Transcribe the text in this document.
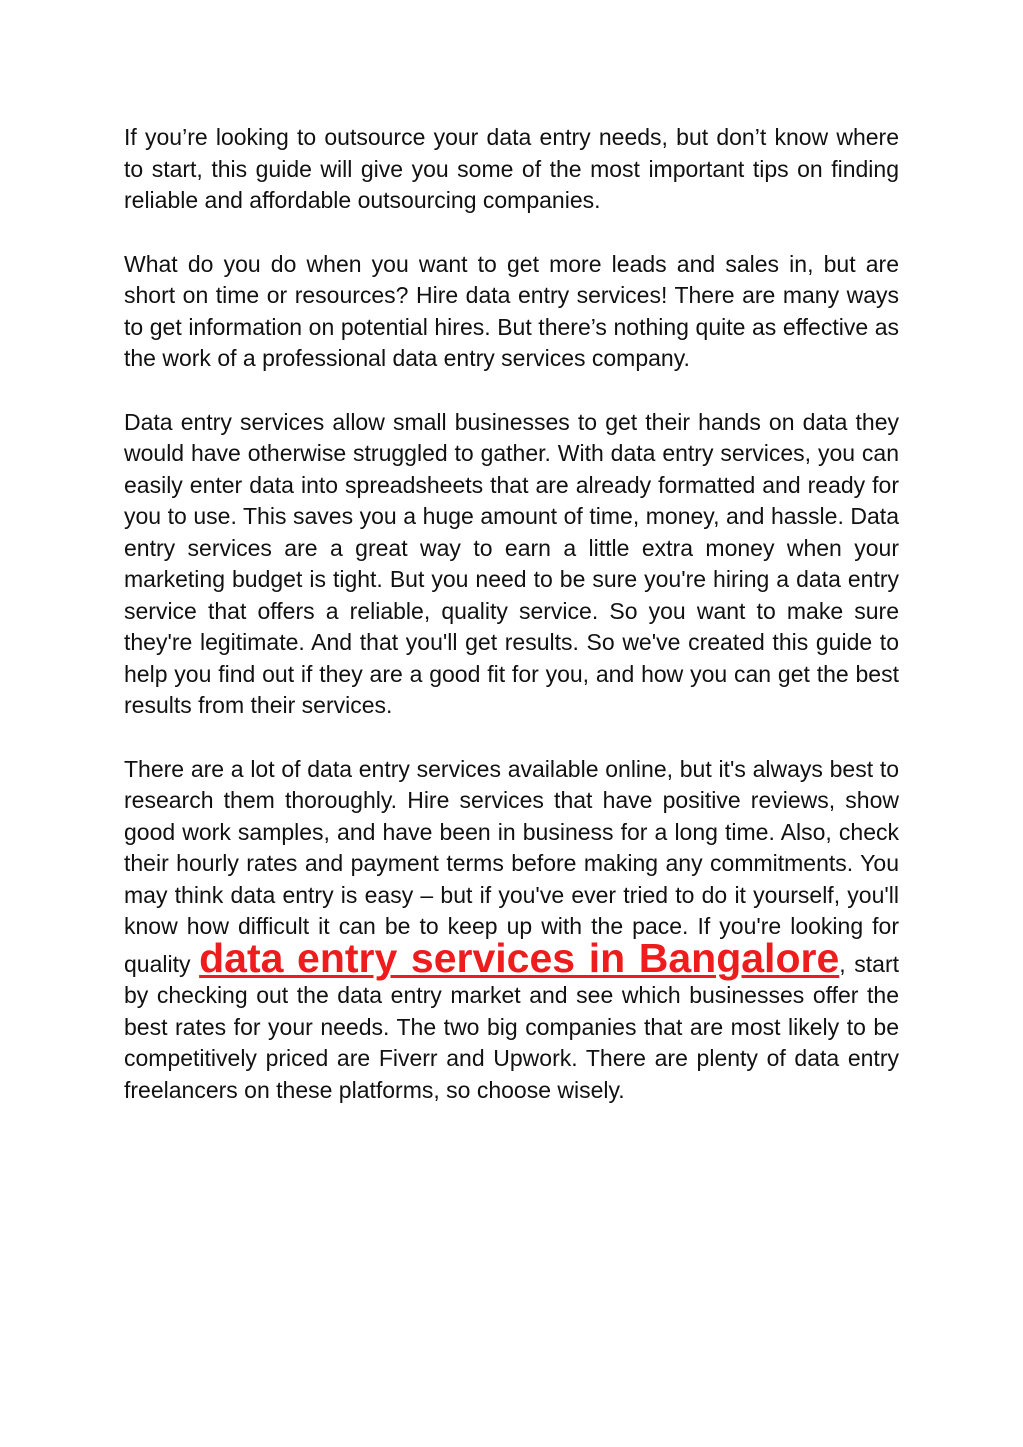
If you’re looking to outsource your data entry needs, but don’t know where to start, this guide will give you some of the most important tips on finding reliable and affordable outsourcing companies.

What do you do when you want to get more leads and sales in, but are short on time or resources? Hire data entry services! There are many ways to get information on potential hires. But there’s nothing quite as effective as the work of a professional data entry services company.

Data entry services allow small businesses to get their hands on data they would have otherwise struggled to gather. With data entry services, you can easily enter data into spreadsheets that are already formatted and ready for you to use. This saves you a huge amount of time, money, and hassle. Data entry services are a great way to earn a little extra money when your marketing budget is tight. But you need to be sure you're hiring a data entry service that offers a reliable, quality service. So you want to make sure they're legitimate. And that you'll get results. So we've created this guide to help you find out if they are a good fit for you, and how you can get the best results from their services.

There are a lot of data entry services available online, but it's always best to research them thoroughly. Hire services that have positive reviews, show good work samples, and have been in business for a long time. Also, check their hourly rates and payment terms before making any commitments. You may think data entry is easy – but if you've ever tried to do it yourself, you'll know how difficult it can be to keep up with the pace. If you're looking for quality data entry services in Bangalore, start by checking out the data entry market and see which businesses offer the best rates for your needs. The two big companies that are most likely to be competitively priced are Fiverr and Upwork. There are plenty of data entry freelancers on these platforms, so choose wisely.
